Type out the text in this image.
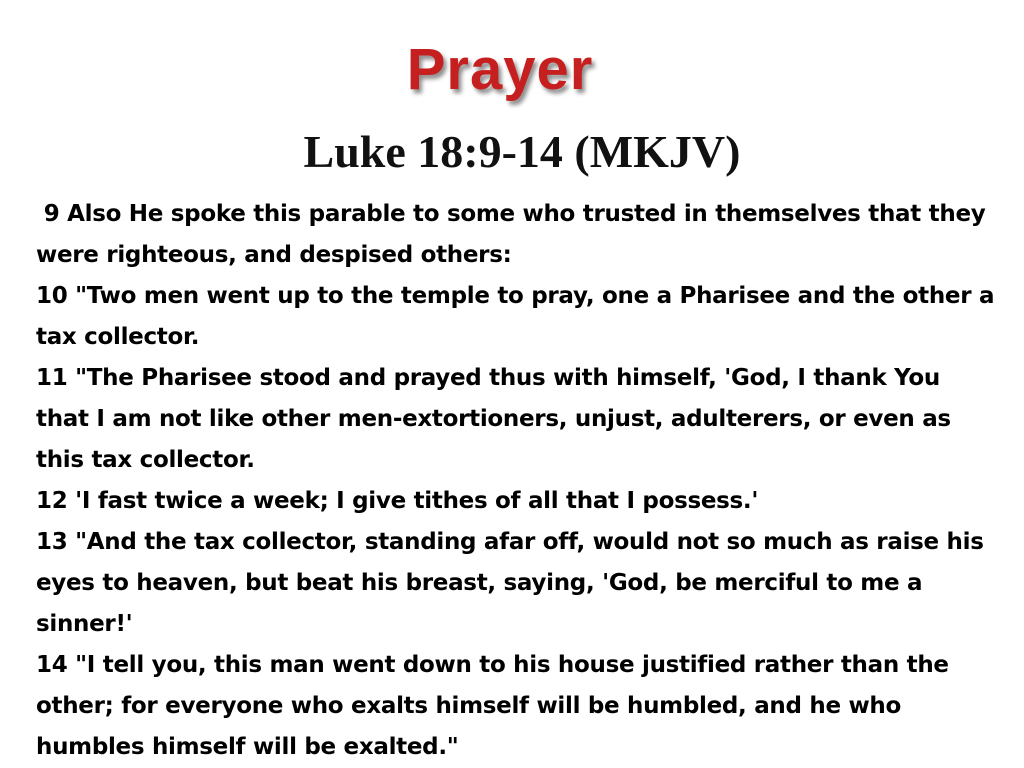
Prayer
Luke 18:9-14 (MKJV)

9 Also He spoke this parable to some who trusted in themselves that they were righteous, and despised others:

10 "Two men went up to the temple to pray, one a Pharisee and the other a tax collector.

11 "The Pharisee stood and prayed thus with himself, 'God, I thank You that I am not like other men-extortioners, unjust, adulterers, or even as this tax collector.

12 'I fast twice a week; I give tithes of all that I possess.'

13 "And the tax collector, standing afar off, would not so much as raise his eyes to heaven, but beat his breast, saying, 'God, be merciful to me a sinner!'

14 "I tell you, this man went down to his house justified rather than the other; for everyone who exalts himself will be humbled, and he who humbles himself will be exalted."
